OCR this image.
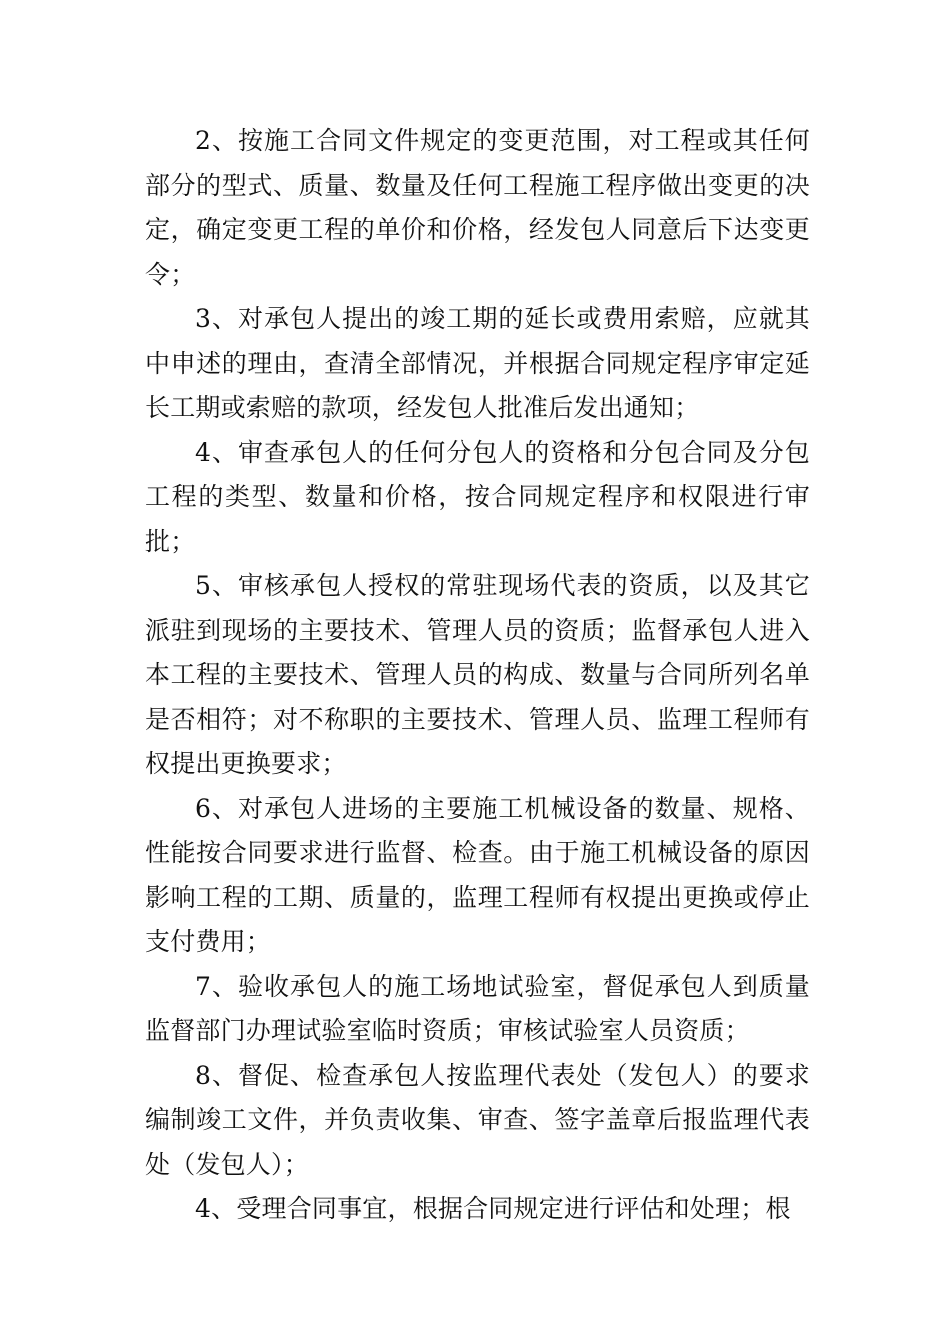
2、按施工合同文件规定的变更范围，对工程或其任何部分的型式、质量、数量及任何工程施工程序做出变更的决定，确定变更工程的单价和价格，经发包人同意后下达变更令；

3、对承包人提出的竣工期的延长或费用索赔，应就其中申述的理由，查清全部情况，并根据合同规定程序审定延长工期或索赔的款项，经发包人批准后发出通知；

4、审查承包人的任何分包人的资格和分包合同及分包工程的类型、数量和价格，按合同规定程序和权限进行审批；

5、审核承包人授权的常驻现场代表的资质，以及其它派驻到现场的主要技术、管理人员的资质；监督承包人进入本工程的主要技术、管理人员的构成、数量与合同所列名单是否相符；对不称职的主要技术、管理人员、监理工程师有权提出更换要求；

6、对承包人进场的主要施工机械设备的数量、规格、性能按合同要求进行监督、检查。由于施工机械设备的原因影响工程的工期、质量的，监理工程师有权提出更换或停止支付费用；

7、验收承包人的施工场地试验室，督促承包人到质量监督部门办理试验室临时资质；审核试验室人员资质；

8、督促、检查承包人按监理代表处（发包人）的要求编制竣工文件，并负责收集、审查、签字盖章后报监理代表处（发包人）；

4、受理合同事宜，根据合同规定进行评估和处理；根
